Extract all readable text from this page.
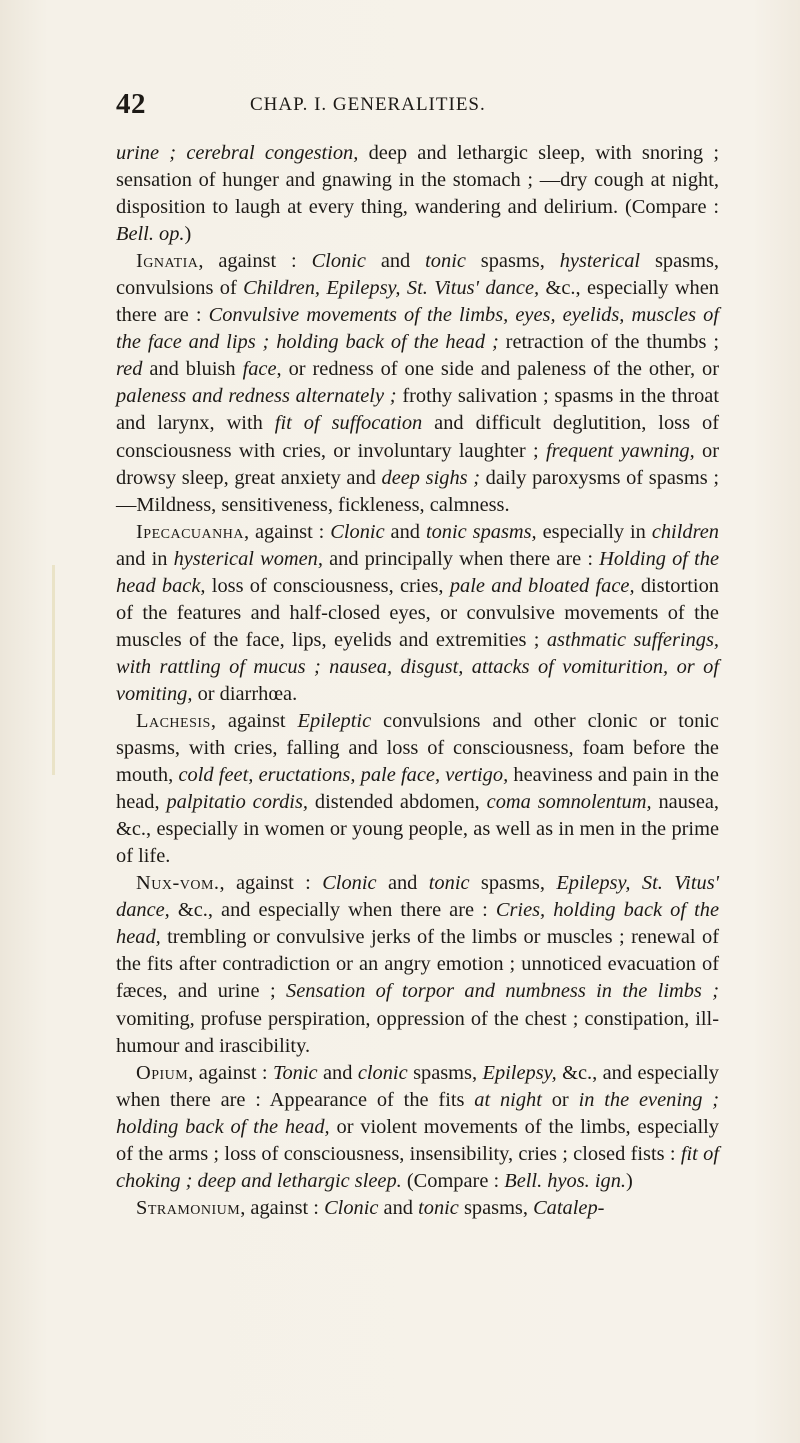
42	CHAP. I. GENERALITIES.

urine ; cerebral congestion, deep and lethargic sleep, with snoring ; sensation of hunger and gnawing in the stomach ; —dry cough at night, disposition to laugh at every thing, wandering and delirium. (Compare : Bell. op.)

Ignatia, against : Clonic and tonic spasms, hysterical spasms, convulsions of Children, Epilepsy, St. Vitus' dance, &c., especially when there are : Convulsive movements of the limbs, eyes, eyelids, muscles of the face and lips ; holding back of the head ; retraction of the thumbs ; red and bluish face, or redness of one side and paleness of the other, or paleness and redness alternately ; frothy salivation ; spasms in the throat and larynx, with fit of suffocation and difficult deglutition, loss of consciousness with cries, or involuntary laughter ; frequent yawning, or drowsy sleep, great anxiety and deep sighs ; daily paroxysms of spasms ;—Mildness, sensitiveness, fickleness, calmness.

Ipecacuanha, against : Clonic and tonic spasms, especially in children and in hysterical women, and principally when there are : Holding of the head back, loss of consciousness, cries, pale and bloated face, distortion of the features and half-closed eyes, or convulsive movements of the muscles of the face, lips, eyelids and extremities ; asthmatic sufferings, with rattling of mucus ; nausea, disgust, attacks of vomiturition, or of vomiting, or diarrhœa.

Lachesis, against Epileptic convulsions and other clonic or tonic spasms, with cries, falling and loss of consciousness, foam before the mouth, cold feet, eructations, pale face, vertigo, heaviness and pain in the head, palpitatio cordis, distended abdomen, coma somnolentum, nausea, &c., especially in women or young people, as well as in men in the prime of life.

Nux-vom., against : Clonic and tonic spasms, Epilepsy, St. Vitus' dance, &c., and especially when there are : Cries, holding back of the head, trembling or convulsive jerks of the limbs or muscles ; renewal of the fits after contradiction or an angry emotion ; unnoticed evacuation of fæces, and urine ; Sensation of torpor and numbness in the limbs ; vomiting, profuse perspiration, oppression of the chest ; constipation, ill-humour and irascibility.

Opium, against : Tonic and clonic spasms, Epilepsy, &c., and especially when there are : Appearance of the fits at night or in the evening ; holding back of the head, or violent movements of the limbs, especially of the arms ; loss of consciousness, insensibility, cries ; closed fists : fit of choking ; deep and lethargic sleep. (Compare : Bell. hyos. ign.)

Stramonium, against : Clonic and tonic spasms, Catalep-
